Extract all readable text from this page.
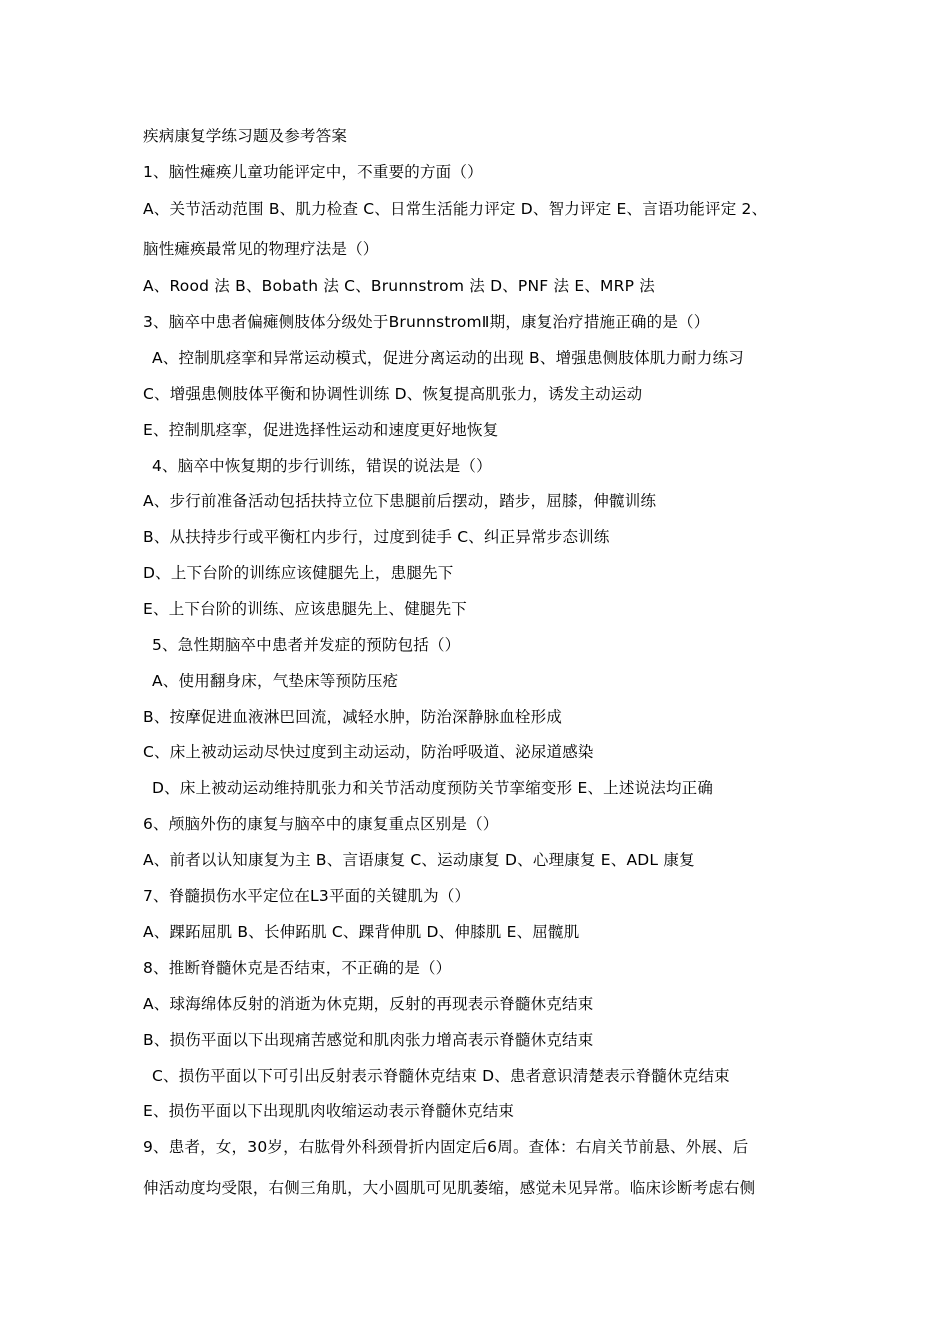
疾病康复学练习题及参考答案
1、脑性瘫痪儿童功能评定中，不重要的方面（）
A、关节活动范围 B、肌力检查 C、日常生活能力评定 D、智力评定 E、言语功能评定 2、
脑性瘫痪最常见的物理疗法是（）
A、Rood 法 B、Bobath 法 C、Brunnstrom 法 D、PNF 法 E、MRP 法
3、脑卒中患者偏瘫侧肢体分级处于BrunnstromⅡ期，康复治疗措施正确的是（）
A、控制肌痉挛和异常运动模式，促进分离运动的出现 B、增强患侧肢体肌力耐力练习
C、增强患侧肢体平衡和协调性训练 D、恢复提高肌张力，诱发主动运动
E、控制肌痉挛，促进选择性运动和速度更好地恢复
4、脑卒中恢复期的步行训练，错误的说法是（）
A、步行前准备活动包括扶持立位下患腿前后摆动，踏步，屈膝，伸髋训练
B、从扶持步行或平衡杠内步行，过度到徒手 C、纠正异常步态训练
D、上下台阶的训练应该健腿先上，患腿先下
E、上下台阶的训练、应该患腿先上、健腿先下
5、急性期脑卒中患者并发症的预防包括（）
A、使用翻身床，气垫床等预防压疮
B、按摩促进血液淋巴回流，减轻水肿，防治深静脉血栓形成
C、床上被动运动尽快过度到主动运动，防治呼吸道、泌尿道感染
D、床上被动运动维持肌张力和关节活动度预防关节挛缩变形 E、上述说法均正确
6、颅脑外伤的康复与脑卒中的康复重点区别是（）
A、前者以认知康复为主 B、言语康复 C、运动康复 D、心理康复 E、ADL 康复
7、脊髓损伤水平定位在L3平面的关键肌为（）
A、踝跖屈肌 B、长伸跖肌 C、踝背伸肌 D、伸膝肌 E、屈髋肌
8、推断脊髓休克是否结束，不正确的是（）
A、球海绵体反射的消逝为休克期，反射的再现表示脊髓休克结束
B、损伤平面以下出现痛苦感觉和肌肉张力增高表示脊髓休克结束
C、损伤平面以下可引出反射表示脊髓休克结束 D、患者意识清楚表示脊髓休克结束
E、损伤平面以下出现肌肉收缩运动表示脊髓休克结束
9、患者，女，30岁，右肱骨外科颈骨折内固定后6周。查体：右肩关节前悬、外展、后
伸活动度均受限，右侧三角肌，大小圆肌可见肌萎缩，感觉未见异常。临床诊断考虑右侧
